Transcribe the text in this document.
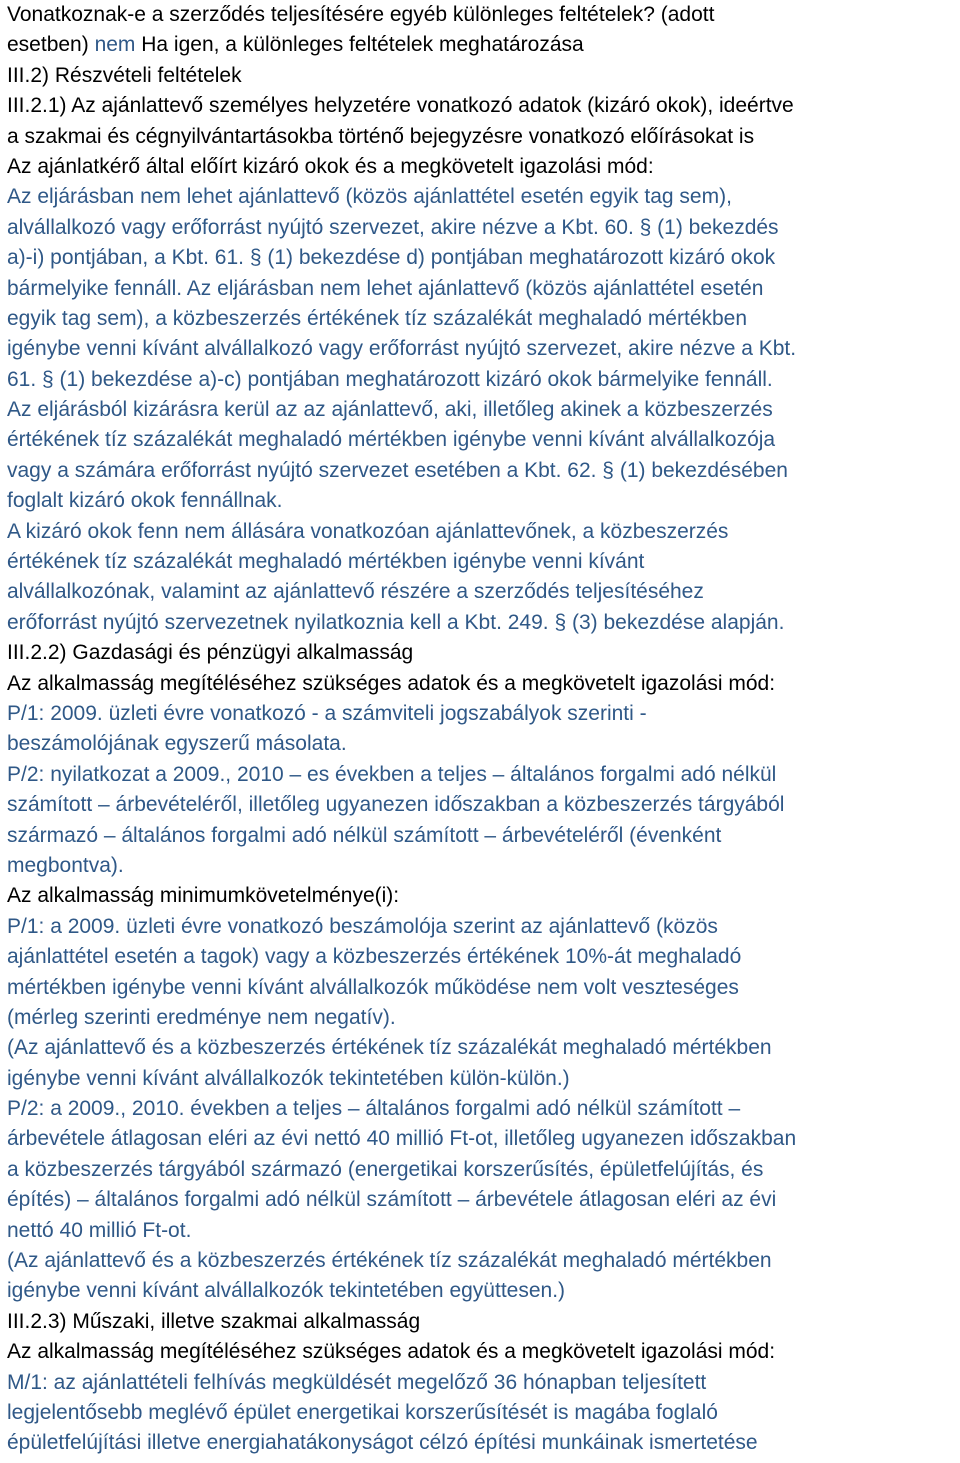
Vonatkoznak-e a szerződés teljesítésére egyéb különleges feltételek? (adott
esetben) nem Ha igen, a különleges feltételek meghatározása
III.2) Részvételi feltételek
III.2.1) Az ajánlattevő személyes helyzetére vonatkozó adatok (kizáró okok), ideértve
a szakmai és cégnyilvántartásokba történő bejegyzésre vonatkozó előírásokat is
Az ajánlatkérő által előírt kizáró okok és a megkövetelt igazolási mód:
Az eljárásban nem lehet ajánlattevő (közös ajánlattétel esetén egyik tag sem),
alvállalkozó vagy erőforrást nyújtó szervezet, akire nézve a Kbt. 60. § (1) bekezdés
a)-i) pontjában, a Kbt. 61. § (1) bekezdése d) pontjában meghatározott kizáró okok
bármelyike fennáll. Az eljárásban nem lehet ajánlattevő (közös ajánlattétel esetén
egyik tag sem), a közbeszerzés értékének tíz százalékát meghaladó mértékben
igénybe venni kívánt alvállalkozó vagy erőforrást nyújtó szervezet, akire nézve a Kbt.
61. § (1) bekezdése a)-c) pontjában meghatározott kizáró okok bármelyike fennáll.
Az eljárásból kizárásra kerül az az ajánlattevő, aki, illetőleg akinek a közbeszerzés
értékének tíz százalékát meghaladó mértékben igénybe venni kívánt alvállalkozója
vagy a számára erőforrást nyújtó szervezet esetében a Kbt. 62. § (1) bekezdésében
foglalt kizáró okok fennállnak.
A kizáró okok fenn nem állására vonatkozóan ajánlattevőnek, a közbeszerzés
értékének tíz százalékát meghaladó mértékben igénybe venni kívánt
alvállalkozónak, valamint az ajánlattevő részére a szerződés teljesítéséhez
erőforrást nyújtó szervezetnek nyilatkoznia kell a Kbt. 249. § (3) bekezdése alapján.
III.2.2) Gazdasági és pénzügyi alkalmasság
Az alkalmasság megítéléséhez szükséges adatok és a megkövetelt igazolási mód:
P/1: 2009. üzleti évre vonatkozó - a számviteli jogszabályok szerinti -
beszámolójának egyszerű másolata.
P/2: nyilatkozat a 2009., 2010 – es években a teljes – általános forgalmi adó nélkül
számított – árbevételéről, illetőleg ugyanezen időszakban a közbeszerzés tárgyából
származó – általános forgalmi adó nélkül számított – árbevételéről (évenként
megbontva).
Az alkalmasság minimumkövetelménye(i):
P/1: a 2009. üzleti évre vonatkozó beszámolója szerint az ajánlattevő (közös
ajánlattétel esetén a tagok) vagy a közbeszerzés értékének 10%-át meghaladó
mértékben igénybe venni kívánt alvállalkozók működése nem volt veszteséges
(mérleg szerinti eredménye nem negatív).
(Az ajánlattevő és a közbeszerzés értékének tíz százalékát meghaladó mértékben
igénybe venni kívánt alvállalkozók tekintetében külön-külön.)
P/2: a 2009., 2010. években a teljes – általános forgalmi adó nélkül számított –
árbevétele átlagosan eléri az évi nettó 40 millió Ft-ot, illetőleg ugyanezen időszakban
a közbeszerzés tárgyából származó (energetikai korszerűsítés, épületfelújítás, és
építés) – általános forgalmi adó nélkül számított – árbevétele átlagosan eléri az évi
nettó 40 millió Ft-ot.
(Az ajánlattevő és a közbeszerzés értékének tíz százalékát meghaladó mértékben
igénybe venni kívánt alvállalkozók tekintetében együttesen.)
III.2.3) Műszaki, illetve szakmai alkalmasság
Az alkalmasság megítéléséhez szükséges adatok és a megkövetelt igazolási mód:
M/1: az ajánlattételi felhívás megküldését megelőző 36 hónapban teljesített
legjelentősebb meglévő épület energetikai korszerűsítését is magába foglaló
épületfelújítási illetve energiahatákonyságot célzó építési munkáinak ismertetése
